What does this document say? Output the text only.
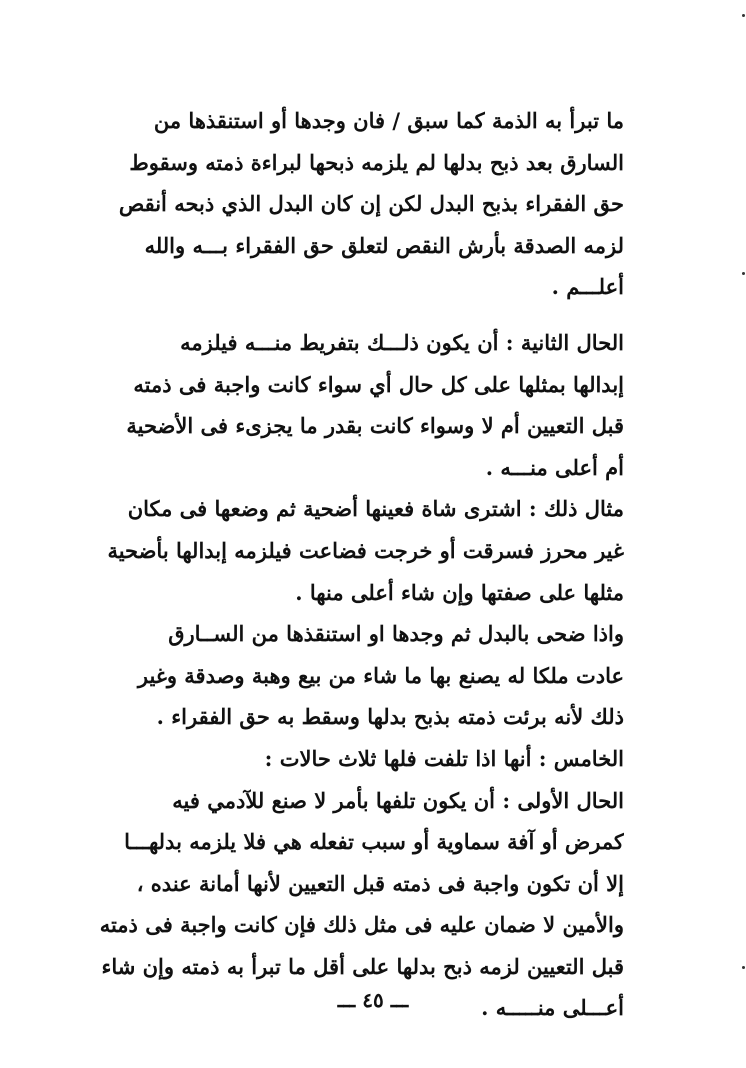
ما تبرأ به الذمة كما سبق / فان وجدها أو استنقذها من
السارق بعد ذبح بدلها لم يلزمه ذبحها لبراءة ذمته وسقوط
حق الفقراء بذبح البدل لكن إن كان البدل الذي ذبحه أنقص
لزمه الصدقة بأرش النقص لتعلق حق الفقراء بـــه والله
أعلـــم .
الحال الثانية : أن يكون ذلـــك بتفريط منـــه فيلزمه
إبدالها بمثلها على كل حال أي سواء كانت واجبة فى ذمته
قبل التعيين أم لا وسواء كانت بقدر ما يجزىء فى الأضحية
أم أعلى منـــه .
مثال ذلك : اشترى شاة فعينها أضحية ثم وضعها فى مكان
غير محرز فسرقت أو خرجت فضاعت فيلزمه إبدالها بأضحية
مثلها على صفتها وإن شاء أعلى منها .
واذا ضحى بالبدل ثم وجدها او استنقذها من الســارق
عادت ملكا له يصنع بها ما شاء من بيع وهبة وصدقة وغير
ذلك لأنه برئت ذمته بذبح بدلها وسقط به حق الفقراء .
الخامس : أنها اذا تلفت فلها ثلاث حالات :
الحال الأولى : أن يكون تلفها بأمر لا صنع للآدمي فيه
كمرض أو آفة سماوية أو سبب تفعله هي فلا يلزمه بدلهـــا
إلا أن تكون واجبة فى ذمته قبل التعيين لأنها أمانة عنده ،
والأمين لا ضمان عليه فى مثل ذلك فإن كانت واجبة فى ذمته
قبل التعيين لزمه ذبح بدلها على أقل ما تبرأ به ذمته وإن شاء
أعـــلى منـــــه .
ـــ ٤٥ ـــ
